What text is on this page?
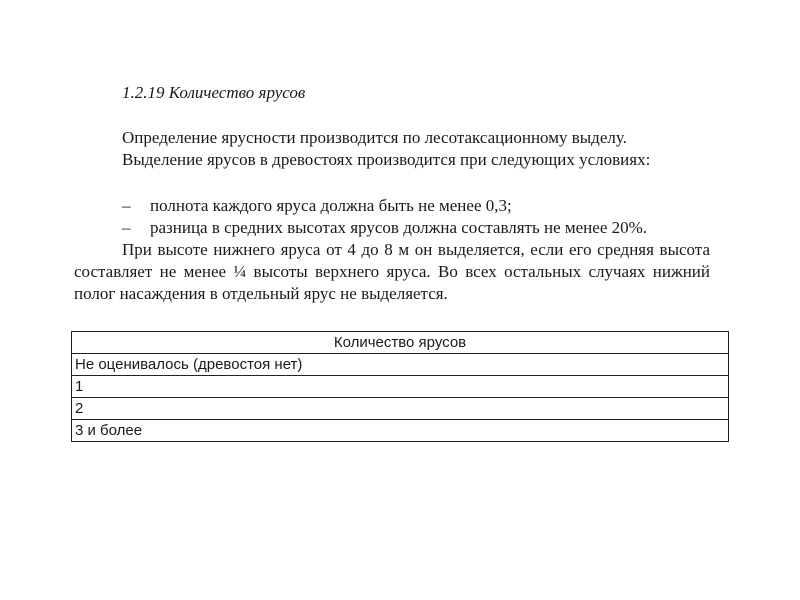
1.2.19 Количество ярусов
Определение ярусности производится по лесотаксационному выделу.
Выделение ярусов в древостоях производится при следующих условиях:
– полнота каждого яруса должна быть не менее 0,3;
– разница в средних высотах ярусов должна составлять не менее 20%.
При высоте нижнего яруса от 4 до 8 м он выделяется, если его средняя высота составляет не менее ¼ высоты верхнего яруса. Во всех остальных случаях нижний полог насаждения в отдельный ярус не выделяется.
Количество ярусов
Не оценивалось (древостоя нет)
1
2
3 и более
